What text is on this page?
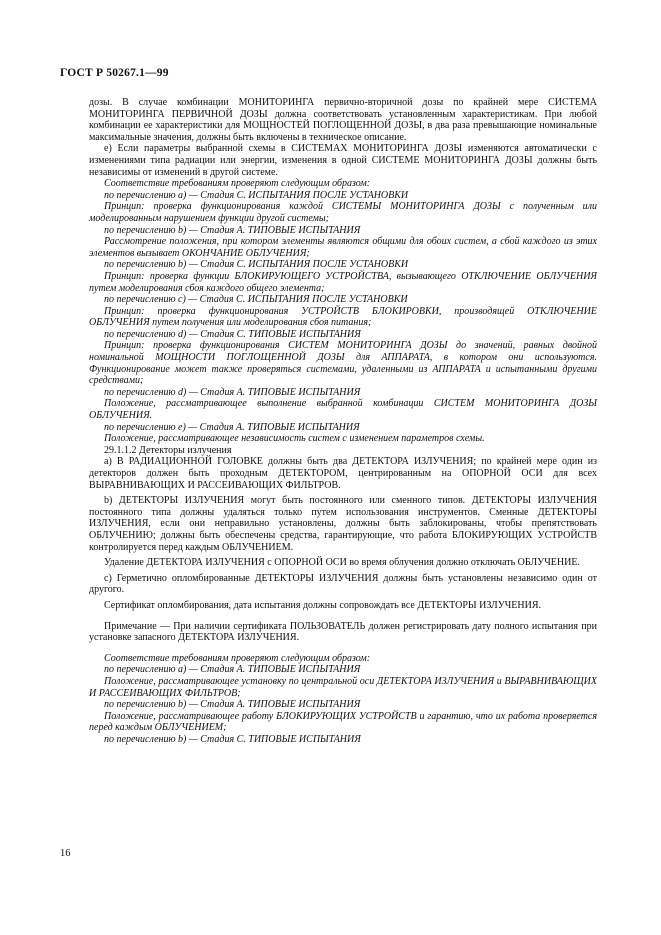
ГОСТ Р 50267.1—99

дозы. В случае комбинации МОНИТОРИНГА первично-вторичной дозы по крайней мере СИСТЕМА МОНИТОРИНГА ПЕРВИЧНОЙ ДОЗЫ должна соответствовать установленным характеристикам. При любой комбинации ее характеристики для МОЩНОСТЕЙ ПОГЛОЩЕННОЙ ДОЗЫ, в два раза превышающие номинальные максимальные значения, должны быть включены в техническое описание.

е) Если параметры выбранной схемы в СИСТЕМАХ МОНИТОРИНГА ДОЗЫ изменяются автоматически с изменениями типа радиации или энергии, изменения в одной СИСТЕМЕ МОНИТОРИНГА ДОЗЫ должны быть независимы от изменений в другой системе.

Соответствие требованиям проверяют следующим образом:

по перечислению а) — Стадия С. ИСПЫТАНИЯ ПОСЛЕ УСТАНОВКИ

Принцип: проверка функционирования каждой СИСТЕМЫ МОНИТОРИНГА ДОЗЫ с полученным или моделированным нарушением функции другой системы;

по перечислению b) — Стадия А. ТИПОВЫЕ ИСПЫТАНИЯ

Рассмотрение положения, при котором элементы являются общими для обоих систем, а сбой каждого из этих элементов вызывает ОКОНЧАНИЕ ОБЛУЧЕНИЯ;

по перечислению b) — Стадия С. ИСПЫТАНИЯ ПОСЛЕ УСТАНОВКИ

Принцип: проверка функции БЛОКИРУЮЩЕГО УСТРОЙСТВА, вызывающего ОТКЛЮЧЕНИЕ ОБЛУЧЕНИЯ путем моделирования сбоя каждого общего элемента;

по перечислению с) — Стадия С. ИСПЫТАНИЯ ПОСЛЕ УСТАНОВКИ

Принцип: проверка функционирования УСТРОЙСТВ БЛОКИРОВКИ, производящей ОТКЛЮЧЕНИЕ ОБЛУЧЕНИЯ путем получения или моделирования сбоя питания;

по перечислению d) — Стадия С. ТИПОВЫЕ ИСПЫТАНИЯ

Принцип: проверка функционирования СИСТЕМ МОНИТОРИНГА ДОЗЫ до значений, равных двойной номинальной МОЩНОСТИ ПОГЛОЩЕННОЙ ДОЗЫ для АППАРАТА, в котором они используются. Функционирование может также проверяться системами, удаленными из АППАРАТА и испытанными другими средствами;

по перечислению d) — Стадия А. ТИПОВЫЕ ИСПЫТАНИЯ

Положение, рассматривающее выполнение выбранной комбинации СИСТЕМ МОНИТОРИНГА ДОЗЫ ОБЛУЧЕНИЯ.

по перечислению е) — Стадия А. ТИПОВЫЕ ИСПЫТАНИЯ

Положение, рассматривающее независимость систем с изменением параметров схемы.

29.1.1.2 Детекторы излучения

а) В РАДИАЦИОННОЙ ГОЛОВКЕ должны быть два ДЕТЕКТОРА ИЗЛУЧЕНИЯ; по крайней мере один из детекторов должен быть проходным ДЕТЕКТОРОМ, центрированным на ОПОРНОЙ ОСИ для всех ВЫРАВНИВАЮЩИХ И РАССЕИВАЮЩИХ ФИЛЬТРОВ.

b) ДЕТЕКТОРЫ ИЗЛУЧЕНИЯ могут быть постоянного или сменного типов. ДЕТЕКТОРЫ ИЗЛУЧЕНИЯ постоянного типа должны удаляться только путем использования инструментов. Сменные ДЕТЕКТОРЫ ИЗЛУЧЕНИЯ, если они неправильно установлены, должны быть заблокированы, чтобы препятствовать ОБЛУЧЕНИЮ; должны быть обеспечены средства, гарантирующие, что работа БЛОКИРУЮЩИХ УСТРОЙСТВ контролируется перед каждым ОБЛУЧЕНИЕМ.

Удаление ДЕТЕКТОРА ИЗЛУЧЕНИЯ с ОПОРНОЙ ОСИ во время облучения должно отключать ОБЛУЧЕНИЕ.

с) Герметично опломбированные ДЕТЕКТОРЫ ИЗЛУЧЕНИЯ должны быть установлены независимо один от другого.

Сертификат опломбирования, дата испытания должны сопровождать все ДЕТЕКТОРЫ ИЗЛУЧЕНИЯ.

Примечание — При наличии сертификата ПОЛЬЗОВАТЕЛЬ должен регистрировать дату полного испытания при установке запасного ДЕТЕКТОРА ИЗЛУЧЕНИЯ.

Соответствие требованиям проверяют следующим образом:

по перечислению а) — Стадия А. ТИПОВЫЕ ИСПЫТАНИЯ

Положение, рассматривающее установку по центральной оси ДЕТЕКТОРА ИЗЛУЧЕНИЯ и ВЫРАВНИВАЮЩИХ И РАССЕИВАЮЩИХ ФИЛЬТРОВ;

по перечислению b) — Стадия А. ТИПОВЫЕ ИСПЫТАНИЯ

Положение, рассматривающее работу БЛОКИРУЮЩИХ УСТРОЙСТВ и гарантию, что их работа проверяется перед каждым ОБЛУЧЕНИЕМ;

по перечислению b) — Стадия С. ТИПОВЫЕ ИСПЫТАНИЯ

16
